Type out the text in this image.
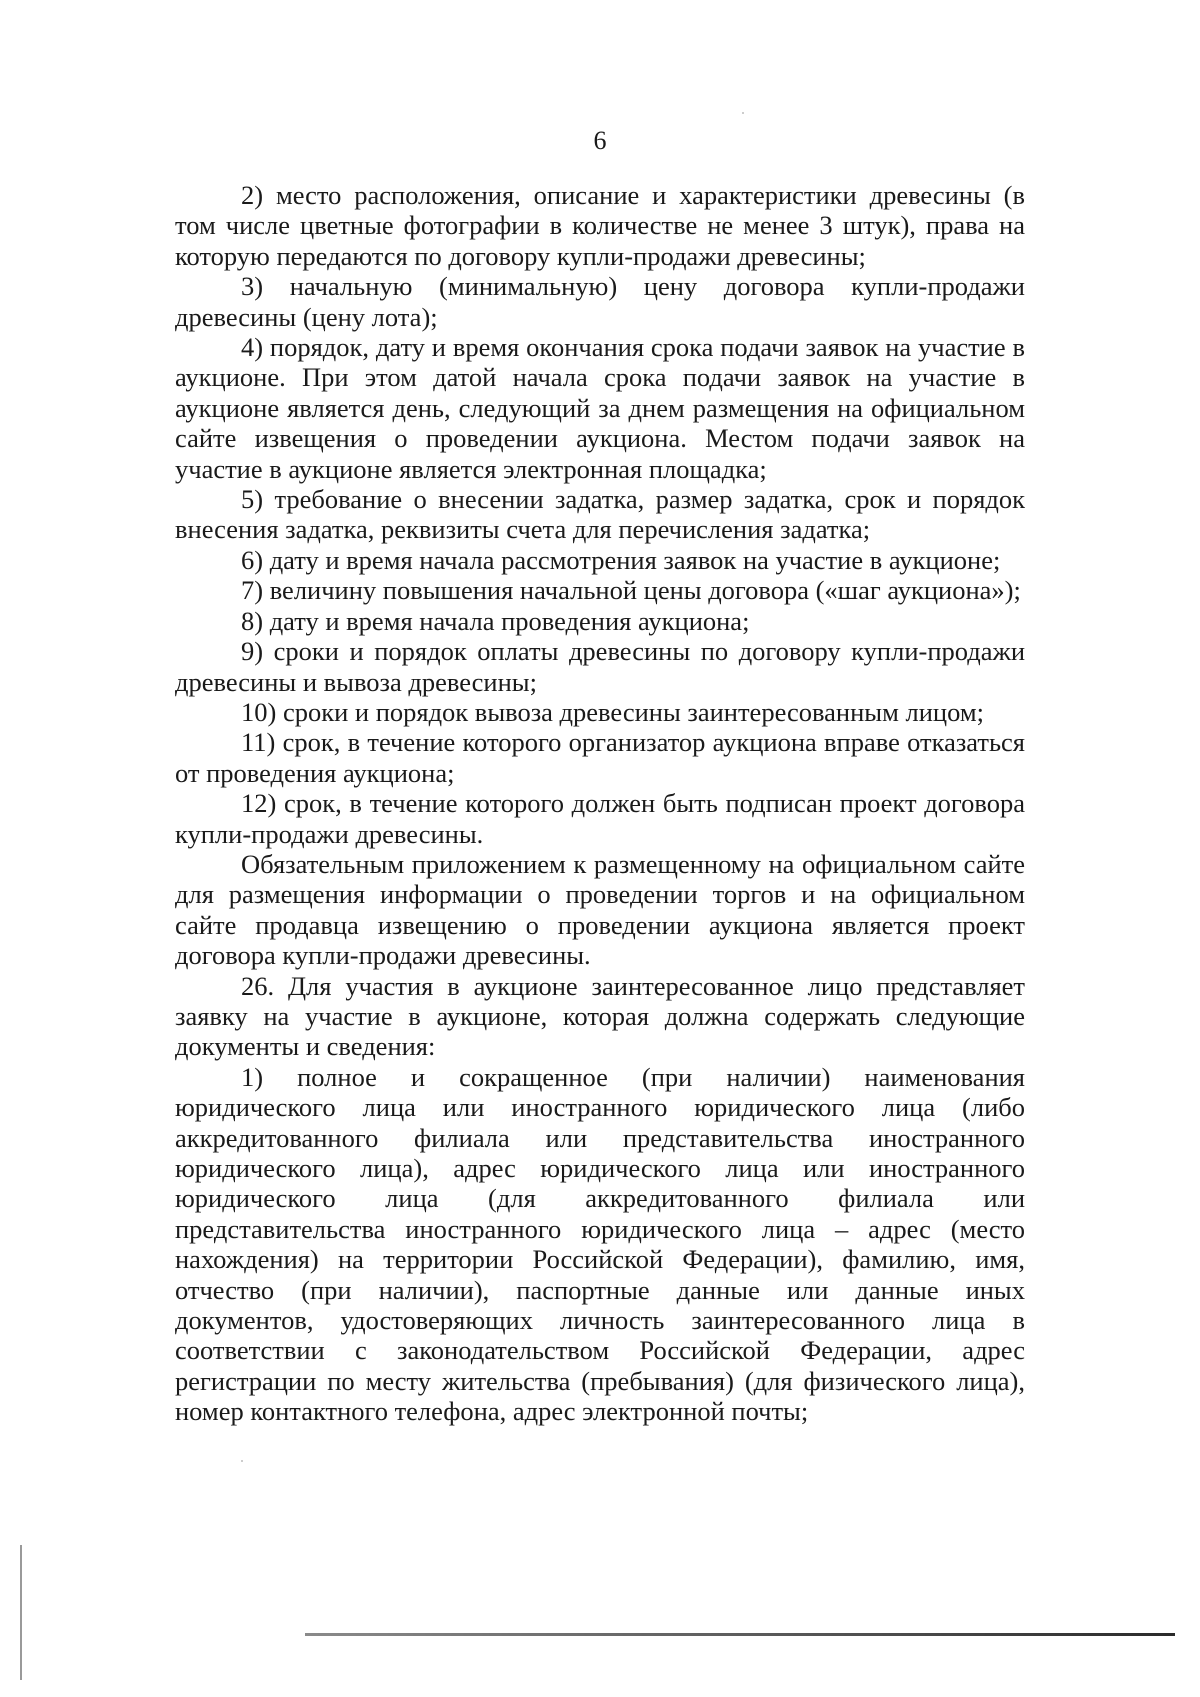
6

2) место расположения, описание и характеристики древесины (в том числе цветные фотографии в количестве не менее 3 штук), права на которую передаются по договору купли-продажи древесины;

3) начальную (минимальную) цену договора купли-продажи древесины (цену лота);

4) порядок, дату и время окончания срока подачи заявок на участие в аукционе. При этом датой начала срока подачи заявок на участие в аукционе является день, следующий за днем размещения на официальном сайте извещения о проведении аукциона. Местом подачи заявок на участие в аукционе является электронная площадка;

5) требование о внесении задатка, размер задатка, срок и порядок внесения задатка, реквизиты счета для перечисления задатка;

6) дату и время начала рассмотрения заявок на участие в аукционе;

7) величину повышения начальной цены договора («шаг аукциона»);

8) дату и время начала проведения аукциона;

9) сроки и порядок оплаты древесины по договору купли-продажи древесины и вывоза древесины;

10) сроки и порядок вывоза древесины заинтересованным лицом;

11) срок, в течение которого организатор аукциона вправе отказаться от проведения аукциона;

12) срок, в течение которого должен быть подписан проект договора купли-продажи древесины.

Обязательным приложением к размещенному на официальном сайте для размещения информации о проведении торгов и на официальном сайте продавца извещению о проведении аукциона является проект договора купли-продажи древесины.

26. Для участия в аукционе заинтересованное лицо представляет заявку на участие в аукционе, которая должна содержать следующие документы и сведения:

1) полное и сокращенное (при наличии) наименования юридического лица или иностранного юридического лица (либо аккредитованного филиала или представительства иностранного юридического лица), адрес юридического лица или иностранного юридического лица (для аккредитованного филиала или представительства иностранного юридического лица – адрес (место нахождения) на территории Российской Федерации), фамилию, имя, отчество (при наличии), паспортные данные или данные иных документов, удостоверяющих личность заинтересованного лица в соответствии с законодательством Российской Федерации, адрес регистрации по месту жительства (пребывания) (для физического лица), номер контактного телефона, адрес электронной почты;
